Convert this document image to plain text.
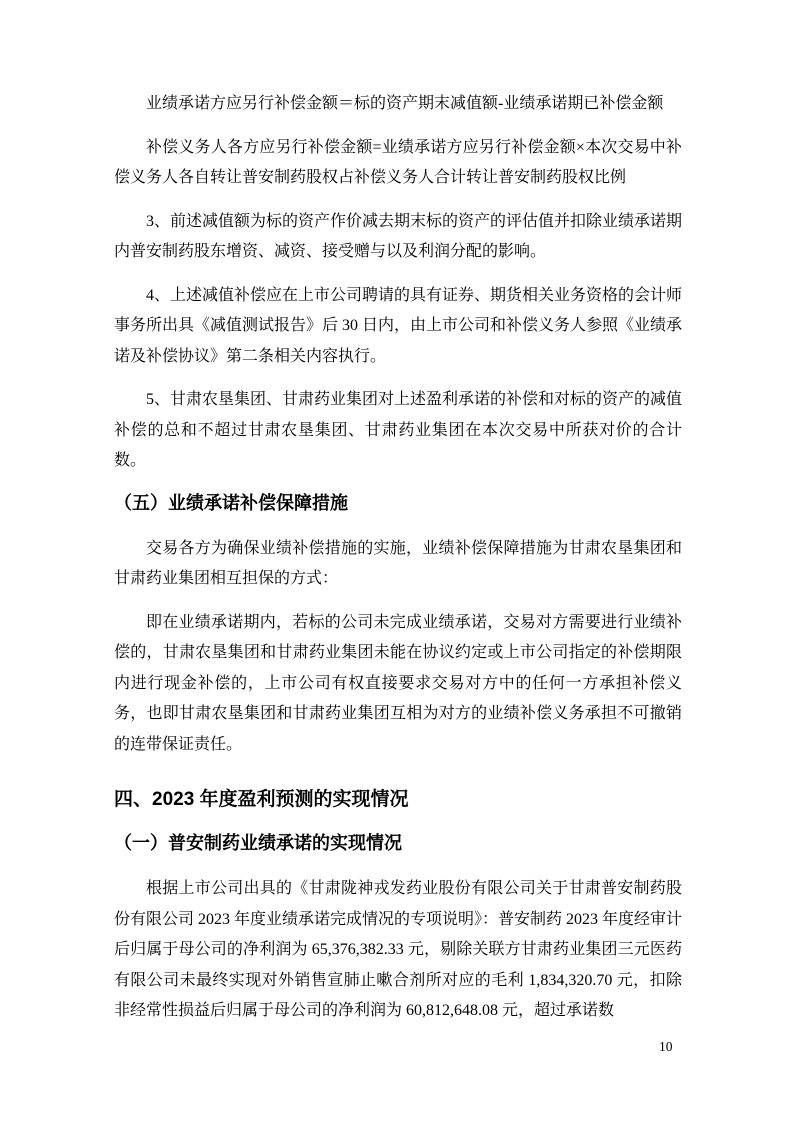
业绩承诺方应另行补偿金额＝标的资产期末减值额-业绩承诺期已补偿金额

补偿义务人各方应另行补偿金额=业绩承诺方应另行补偿金额×本次交易中补偿义务人各自转让普安制药股权占补偿义务人合计转让普安制药股权比例

3、前述减值额为标的资产作价减去期末标的资产的评估值并扣除业绩承诺期内普安制药股东增资、减资、接受赠与以及利润分配的影响。

4、上述减值补偿应在上市公司聘请的具有证券、期货相关业务资格的会计师事务所出具《减值测试报告》后 30 日内，由上市公司和补偿义务人参照《业绩承诺及补偿协议》第二条相关内容执行。

5、甘肃农垦集团、甘肃药业集团对上述盈利承诺的补偿和对标的资产的减值补偿的总和不超过甘肃农垦集团、甘肃药业集团在本次交易中所获对价的合计数。

（五）业绩承诺补偿保障措施

交易各方为确保业绩补偿措施的实施，业绩补偿保障措施为甘肃农垦集团和甘肃药业集团相互担保的方式：

即在业绩承诺期内，若标的公司未完成业绩承诺，交易对方需要进行业绩补偿的，甘肃农垦集团和甘肃药业集团未能在协议约定或上市公司指定的补偿期限内进行现金补偿的，上市公司有权直接要求交易对方中的任何一方承担补偿义务，也即甘肃农垦集团和甘肃药业集团互相为对方的业绩补偿义务承担不可撤销的连带保证责任。

四、2023 年度盈利预测的实现情况
（一）普安制药业绩承诺的实现情况

根据上市公司出具的《甘肃陇神戎发药业股份有限公司关于甘肃普安制药股份有限公司 2023 年度业绩承诺完成情况的专项说明》：普安制药 2023 年度经审计后归属于母公司的净利润为 65,376,382.33 元，剔除关联方甘肃药业集团三元医药有限公司未最终实现对外销售宣肺止嗽合剂所对应的毛利 1,834,320.70 元，扣除非经常性损益后归属于母公司的净利润为 60,812,648.08 元，超过承诺数

10
